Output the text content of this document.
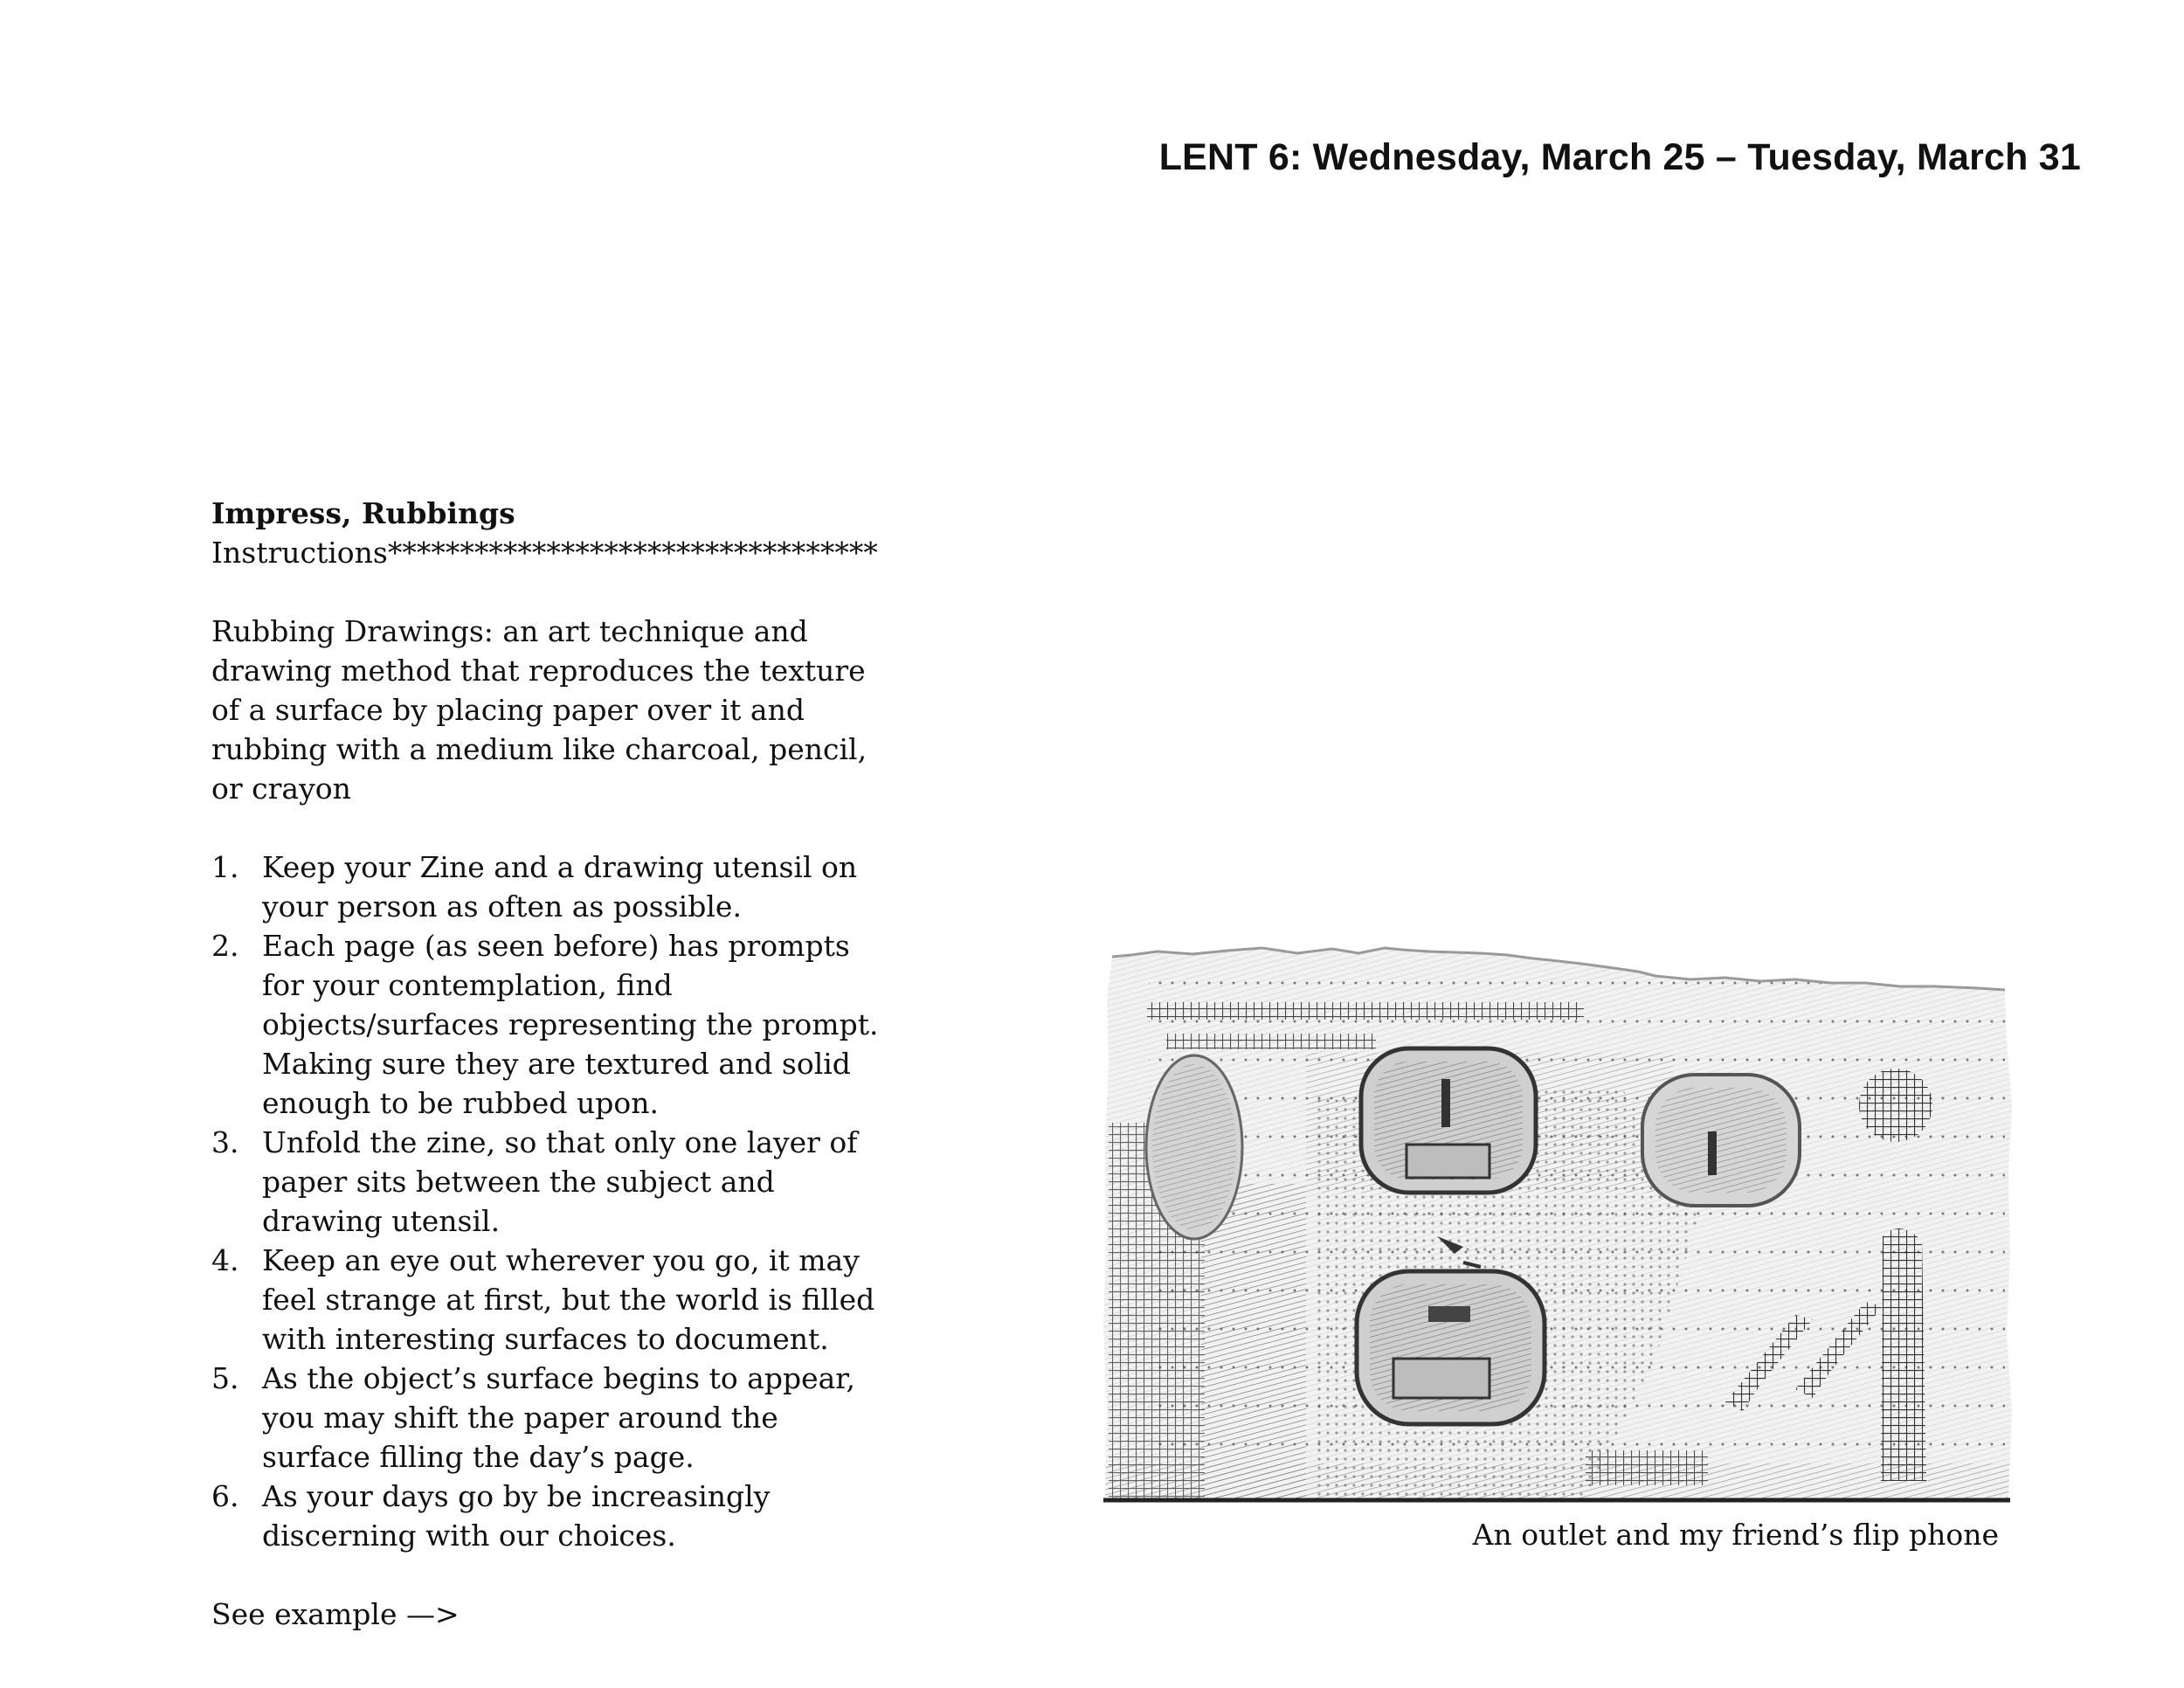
LENT 6: Wednesday, March 25 – Tuesday, March 31

Impress, Rubbings

Instructions**********************************

Rubbing Drawings: an art technique and drawing method that reproduces the texture of a surface by placing paper over it and rubbing with a medium like charcoal, pencil, or crayon

1. Keep your Zine and a drawing utensil on your person as often as possible.
2. Each page (as seen before) has prompts for your contemplation, find objects/surfaces representing the prompt. Making sure they are textured and solid enough to be rubbed upon.
3. Unfold the zine, so that only one layer of paper sits between the subject and drawing utensil.
4. Keep an eye out wherever you go, it may feel strange at first, but the world is filled with interesting surfaces to document.
5. As the object’s surface begins to appear, you may shift the paper around the surface filling the day’s page.
6. As your days go by be increasingly discerning with our choices.

See example —>

An outlet and my friend’s flip phone
